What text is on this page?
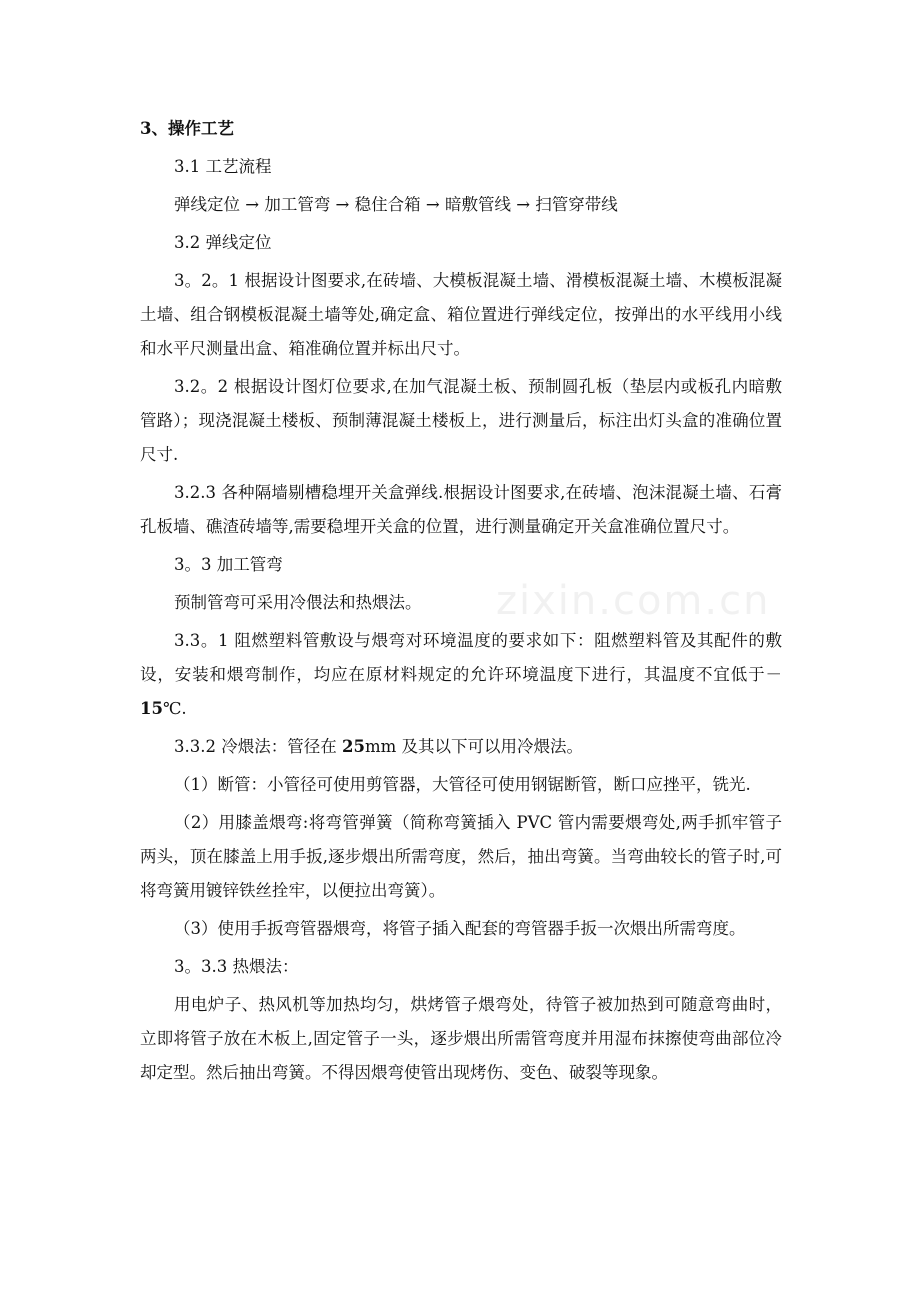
3、操作工艺
3.1 工艺流程
弹线定位 → 加工管弯 → 稳住合箱 → 暗敷管线 → 扫管穿带线
3.2 弹线定位
3。2。1 根据设计图要求,在砖墙、大模板混凝土墙、滑模板混凝土墙、木模板混凝土墙、组合钢模板混凝土墙等处,确定盒、箱位置进行弹线定位，按弹出的水平线用小线和水平尺测量出盒、箱准确位置并标出尺寸。
3.2。2 根据设计图灯位要求,在加气混凝土板、预制圆孔板（垫层内或板孔内暗敷管路）；现浇混凝土楼板、预制薄混凝土楼板上，进行测量后，标注出灯头盒的准确位置尺寸.
3.2.3 各种隔墙剔槽稳埋开关盒弹线.根据设计图要求,在砖墙、泡沫混凝土墙、石膏孔板墙、礁渣砖墙等,需要稳埋开关盒的位置，进行测量确定开关盒准确位置尺寸。
3。3 加工管弯
预制管弯可采用冷偎法和热煨法。
3.3。1 阻燃塑料管敷设与煨弯对环境温度的要求如下：阻燃塑料管及其配件的敷设，安装和煨弯制作，均应在原材料规定的允许环境温度下进行，其温度不宜低于－15℃.
3.3.2 冷煨法：管径在 25mm 及其以下可以用冷煨法。
（1）断管：小管径可使用剪管器，大管径可使用钢锯断管，断口应挫平，铣光.
（2）用膝盖煨弯:将弯管弹簧（简称弯簧插入 PVC 管内需要煨弯处,两手抓牢管子两头，顶在膝盖上用手扳,逐步煨出所需弯度，然后，抽出弯簧。当弯曲较长的管子时,可将弯簧用镀锌铁丝拴牢，以便拉出弯簧）。
（3）使用手扳弯管器煨弯，将管子插入配套的弯管器手扳一次煨出所需弯度。
3。3.3 热煨法：
用电炉子、热风机等加热均匀，烘烤管子煨弯处，待管子被加热到可随意弯曲时，立即将管子放在木板上,固定管子一头，逐步煨出所需管弯度并用湿布抹擦使弯曲部位冷却定型。然后抽出弯簧。不得因煨弯使管出现烤伤、变色、破裂等现象。
zixin.com.cn
